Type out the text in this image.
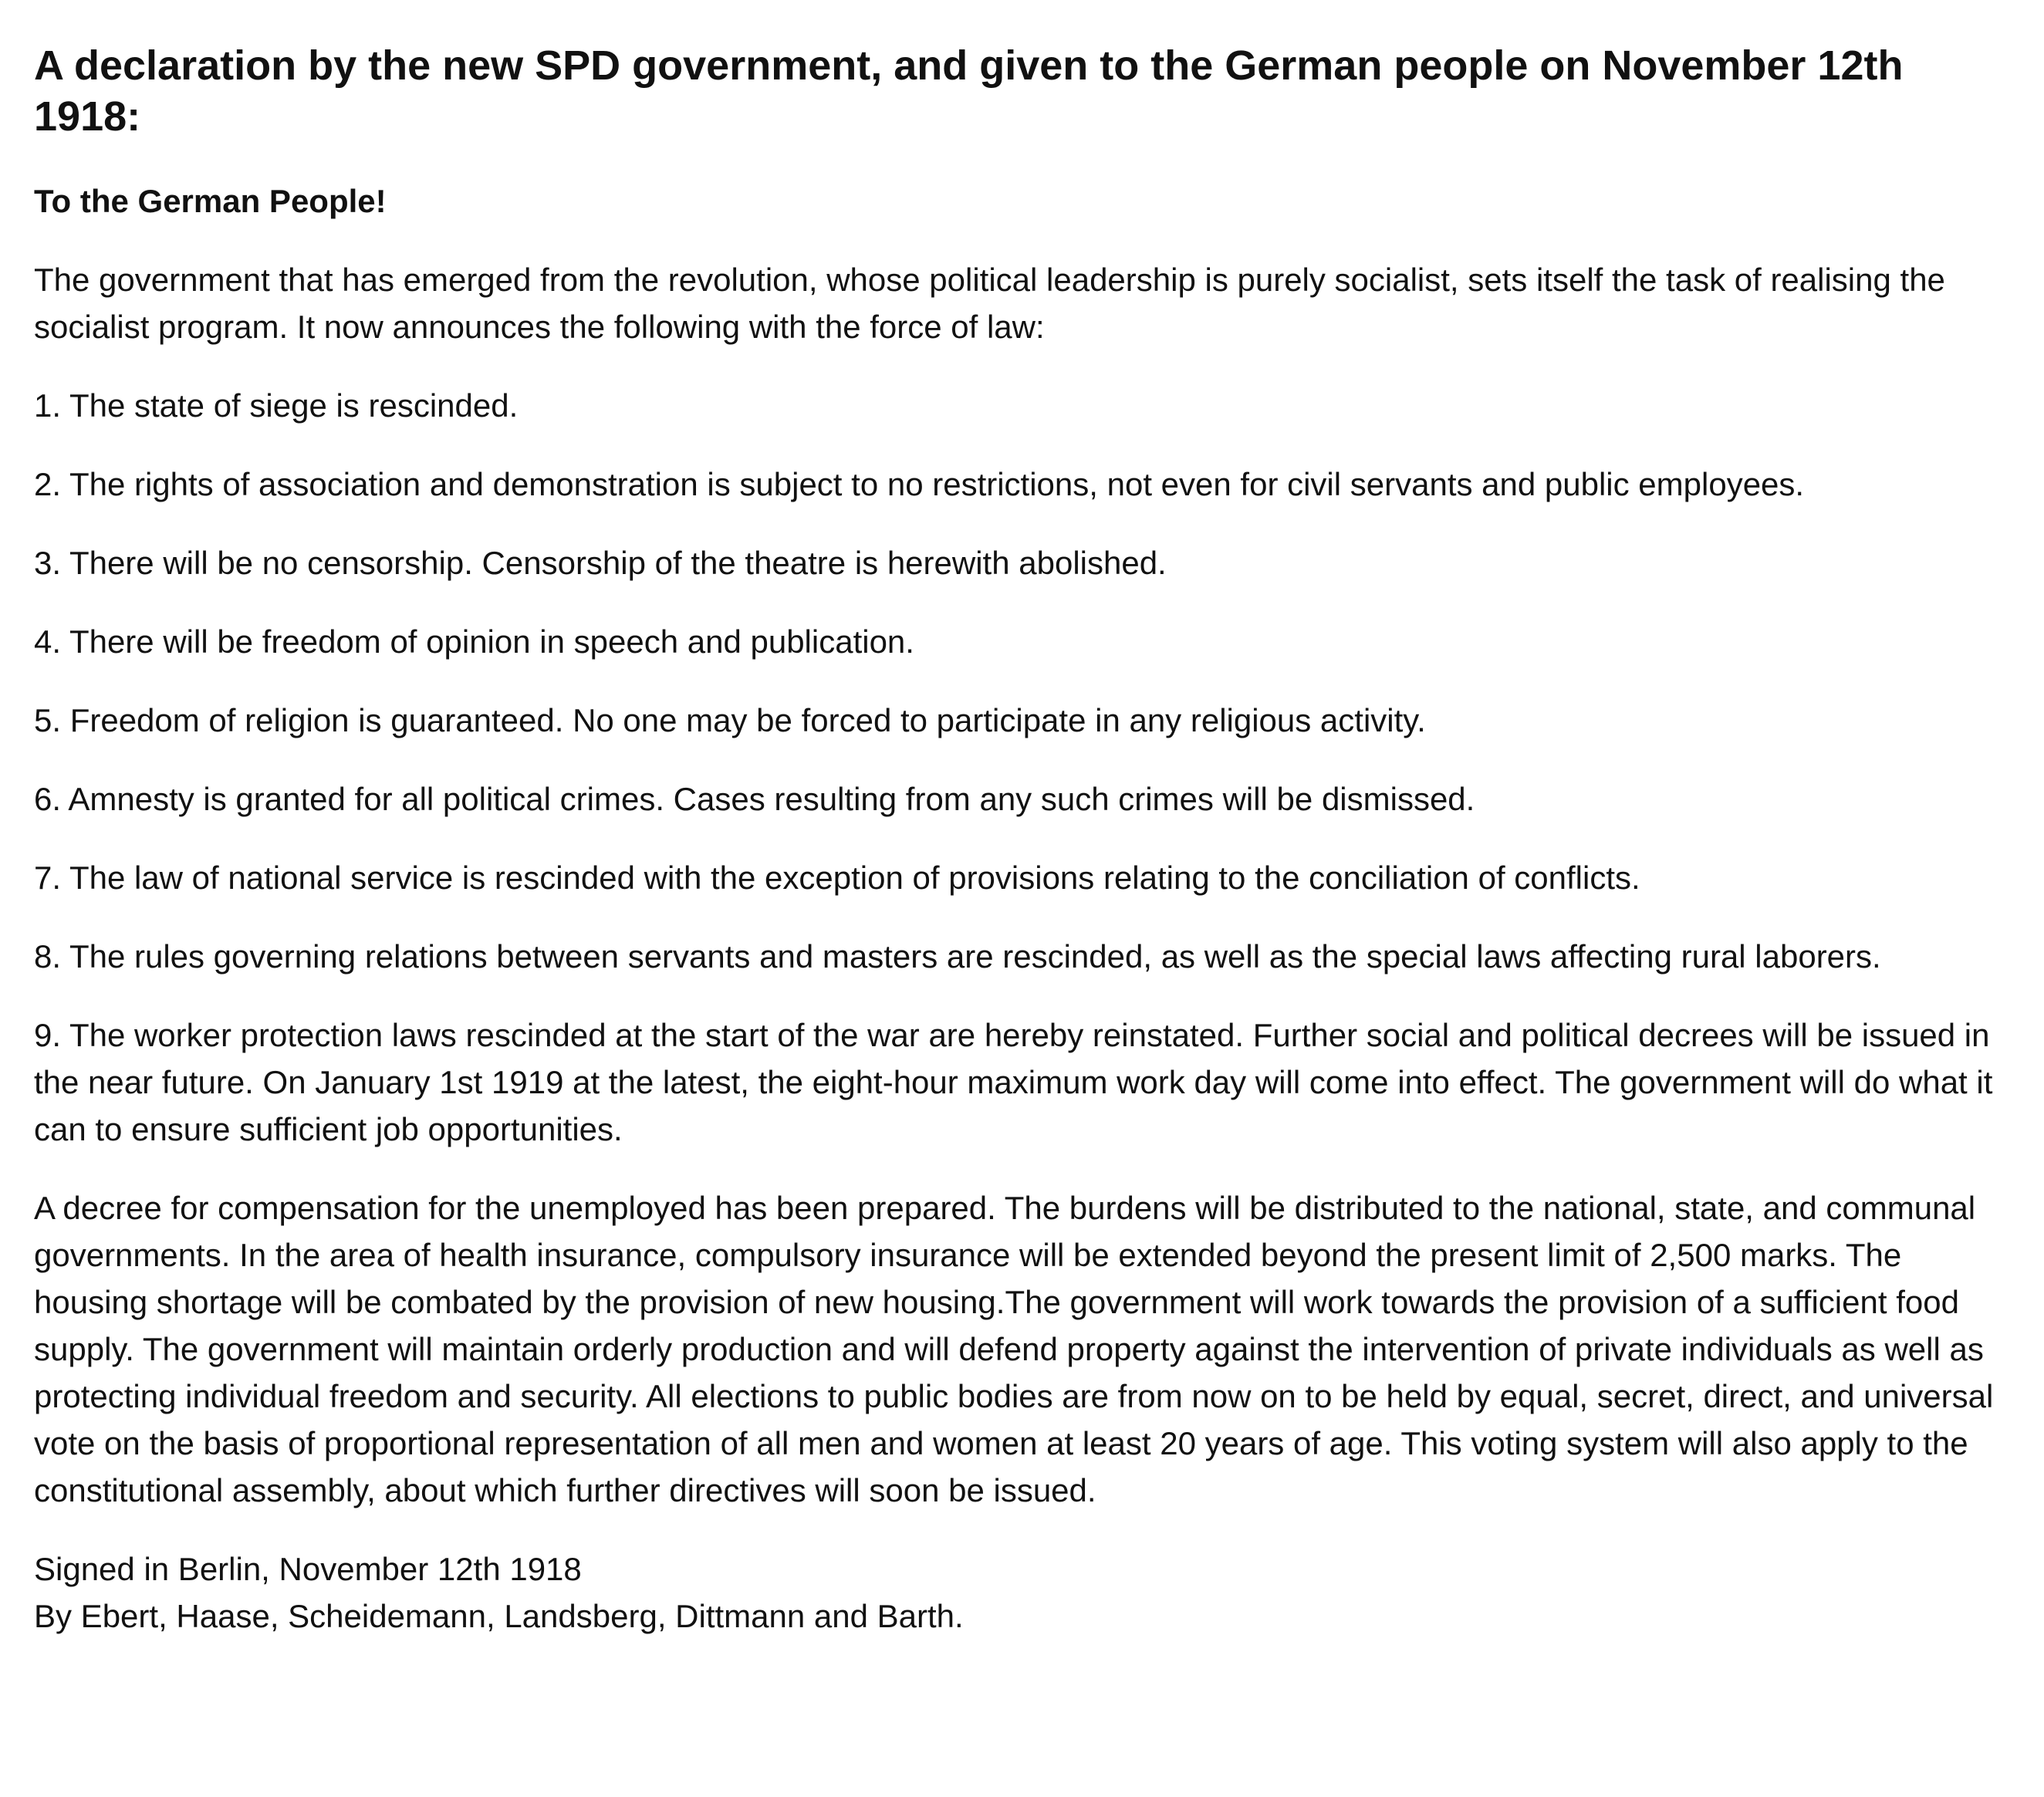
A declaration by the new SPD government, and given to the German people on November 12th 1918:

To the German People!

The government that has emerged from the revolution, whose political leadership is purely socialist, sets itself the task of realising the socialist program. It now announces the following with the force of law:

1. The state of siege is rescinded.

2. The rights of association and demonstration is subject to no restrictions, not even for civil servants and public employees.

3. There will be no censorship. Censorship of the theatre is herewith abolished.

4. There will be freedom of opinion in speech and publication.

5. Freedom of religion is guaranteed. No one may be forced to participate in any religious activity.

6. Amnesty is granted for all political crimes. Cases resulting from any such crimes will be dismissed.

7. The law of national service is rescinded with the exception of provisions relating to the conciliation of conflicts.

8. The rules governing relations between servants and masters are rescinded, as well as the special laws affecting rural laborers.

9. The worker protection laws rescinded at the start of the war are hereby reinstated. Further social and political decrees will be issued in the near future. On January 1st 1919 at the latest, the eight-hour maximum work day will come into effect. The government will do what it can to ensure sufficient job opportunities.

A decree for compensation for the unemployed has been prepared. The burdens will be distributed to the national, state, and communal governments. In the area of health insurance, compulsory insurance will be extended beyond the present limit of 2,500 marks. The housing shortage will be combated by the provision of new housing.The government will work towards the provision of a sufficient food supply. The government will maintain orderly production and will defend property against the intervention of private individuals as well as protecting individual freedom and security. All elections to public bodies are from now on to be held by equal, secret, direct, and universal vote on the basis of proportional representation of all men and women at least 20 years of age. This voting system will also apply to the constitutional assembly, about which further directives will soon be issued.

Signed in Berlin, November 12th 1918
By Ebert, Haase, Scheidemann, Landsberg, Dittmann and Barth.
